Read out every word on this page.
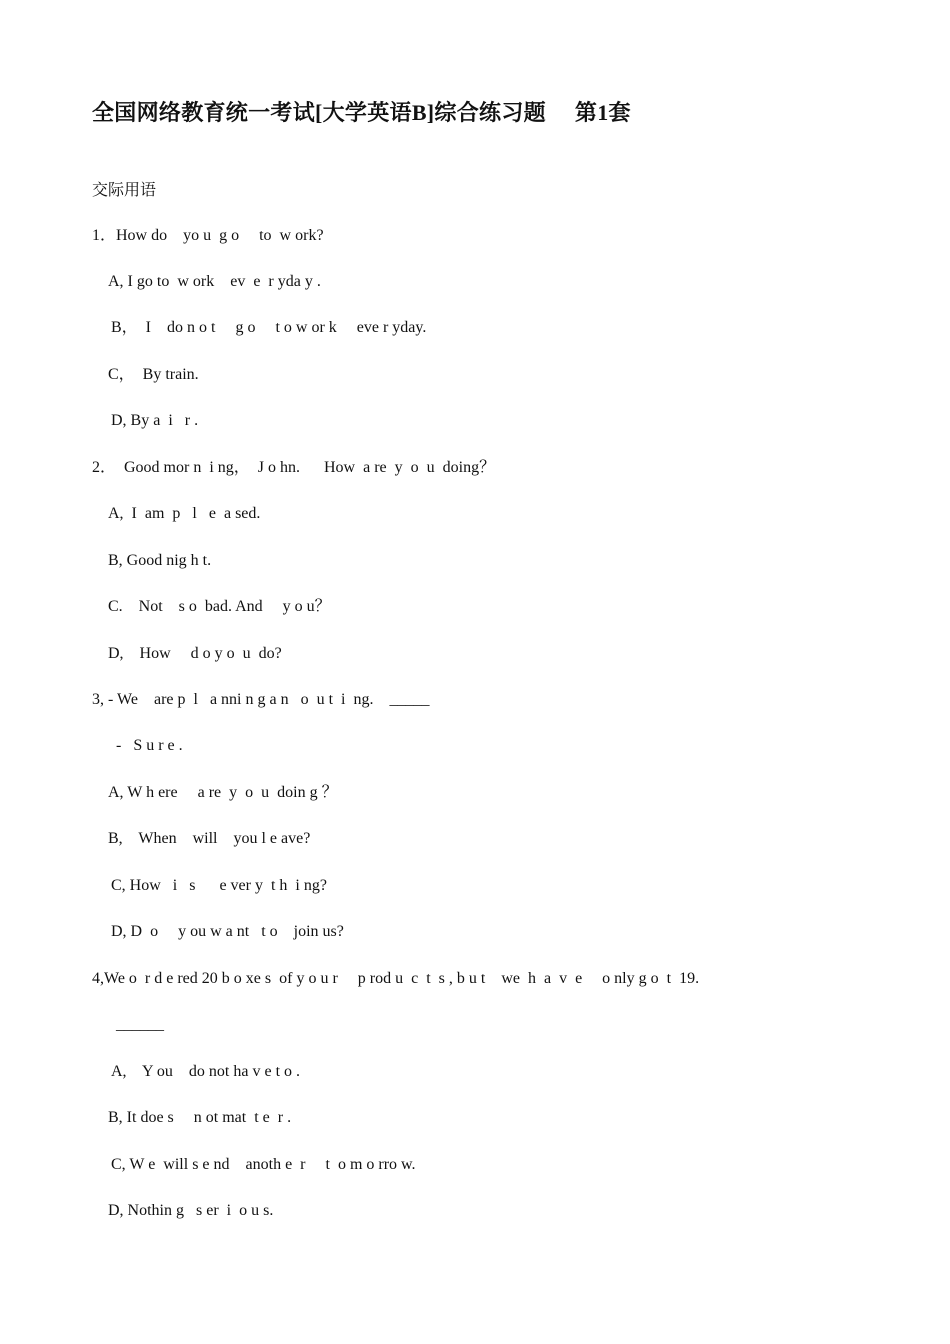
全国网络教育统一考试[大学英语B]综合练习题     第1套

交际用语

1．How do    yo u  g o     to  w ork?

A, I go to  w ork    ev  e  r yda y .

B，  I    do n o t     g o     t o w or k     eve r yday.

C，  By train.

D, By a  i   r .

2．  Good mor n  i ng，  J o hn.      How  a re  y  o  u  doing？

A,  I  am  p   l   e  a sed.

B, Good nig h t.

C.    Not    s o  bad. And     y o u？

D,    How     d o y o  u  do?

3, - We    are p  l   a nni n g a n   o  u t  i  ng.    _____

-   S u r e .

A, W h ere     a re  y  o  u  doin g ？

B,    When    will    you l e ave?

C, How   i   s      e ver y  t h  i ng?

D, D  o     y ou w a nt   t o    join us?

4,We o  r d e red 20 b o xe s  of y o u r     p rod u  c  t  s , b u t    we  h  a  v  e     o nly g o  t  19.

______

A,    Y ou    do not ha v e t o .

B, It doe s     n ot mat  t e  r .

C, W e  will s e nd    anoth e  r     t  o m o rro w.

D, Nothin g   s er  i  o u s.
